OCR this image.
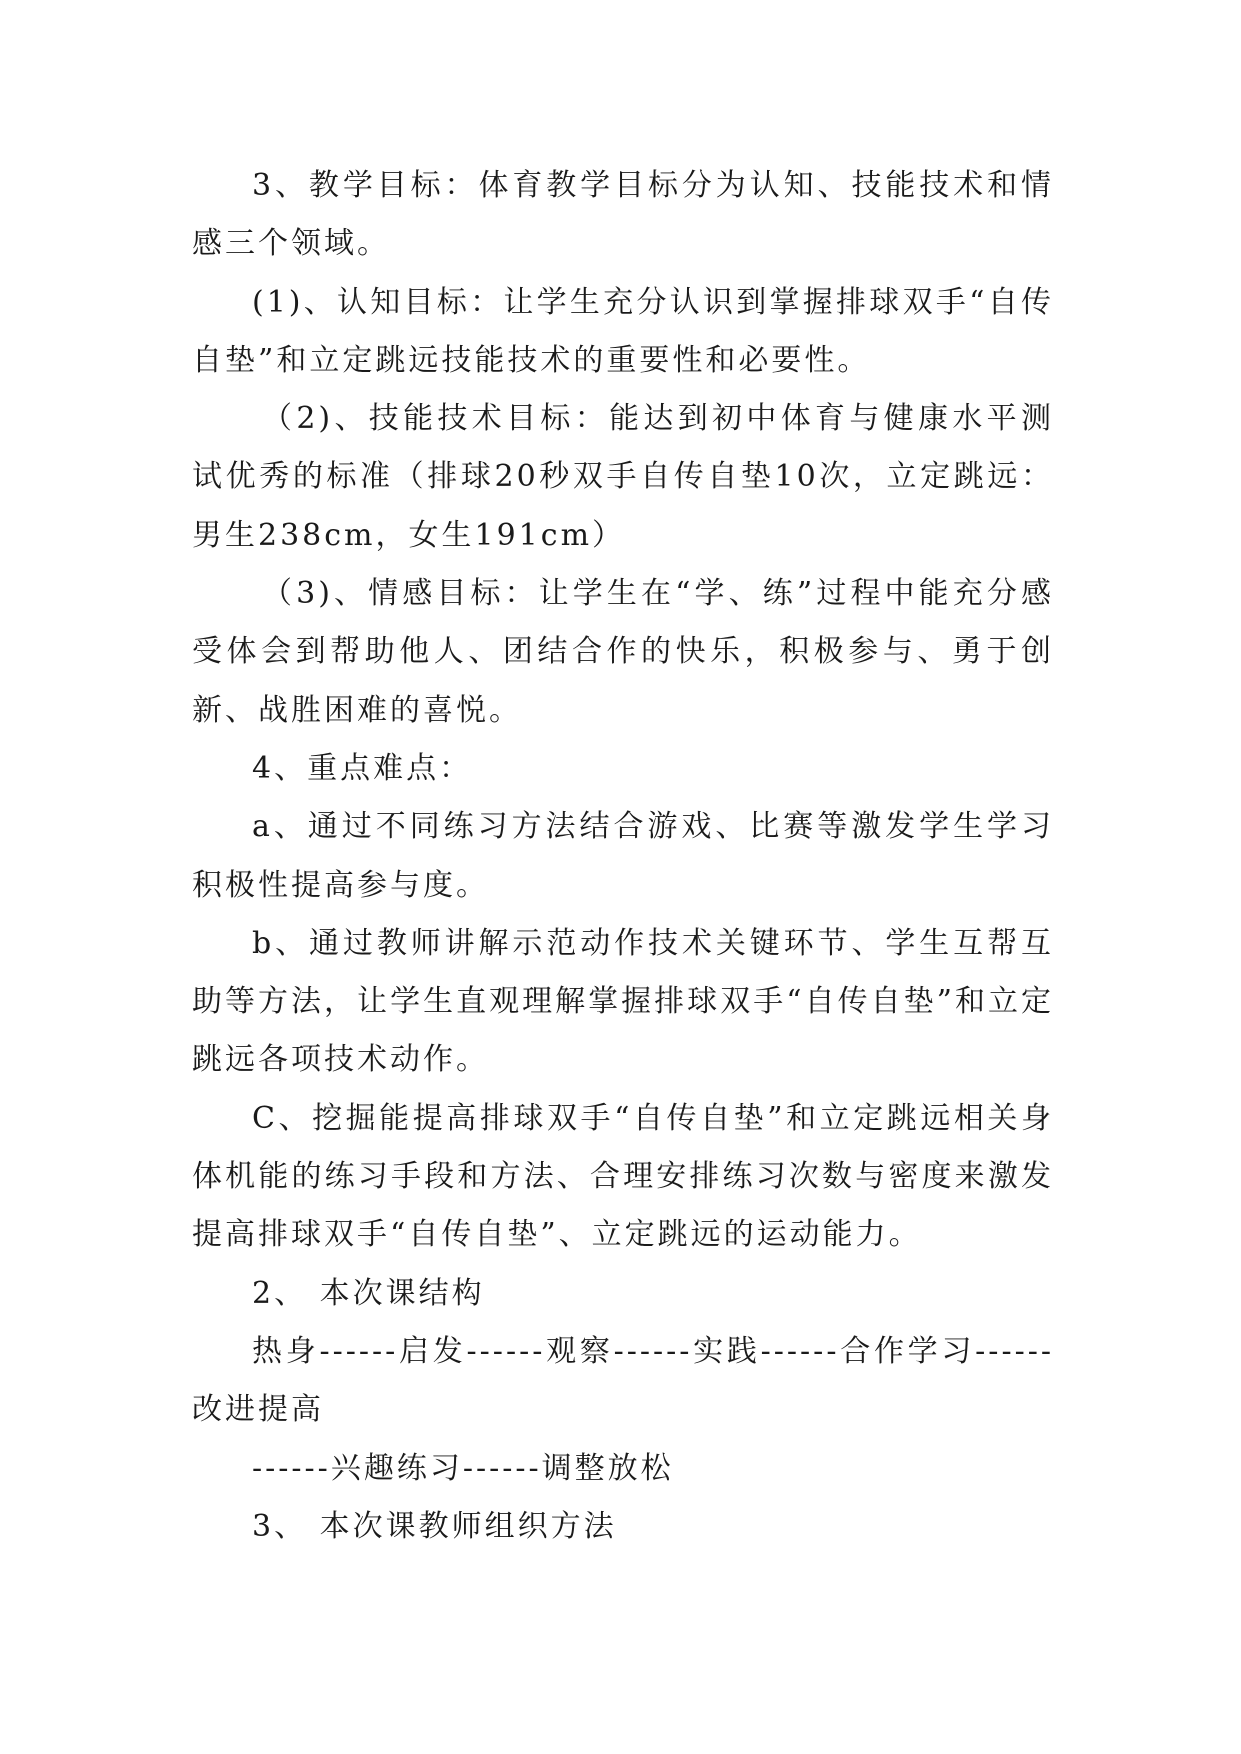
3、教学目标：体育教学目标分为认知、技能技术和情感三个领域。

(1)、认知目标：让学生充分认识到掌握排球双手“自传自垫”和立定跳远技能技术的重要性和必要性。

（2)、技能技术目标：能达到初中体育与健康水平测试优秀的标准（排球20秒双手自传自垫10次，立定跳远：男生238cm，女生191cm）

（3)、情感目标：让学生在“学、练”过程中能充分感受体会到帮助他人、团结合作的快乐，积极参与、勇于创新、战胜困难的喜悦。

4、重点难点：

a、通过不同练习方法结合游戏、比赛等激发学生学习积极性提高参与度。

b、通过教师讲解示范动作技术关键环节、学生互帮互助等方法，让学生直观理解掌握排球双手“自传自垫”和立定跳远各项技术动作。

C、挖掘能提高排球双手“自传自垫”和立定跳远相关身体机能的练习手段和方法、合理安排练习次数与密度来激发提高排球双手“自传自垫”、立定跳远的运动能力。

2、 本次课结构

热身------启发------观察------实践------合作学习------改进提高

------兴趣练习------调整放松

3、 本次课教师组织方法
